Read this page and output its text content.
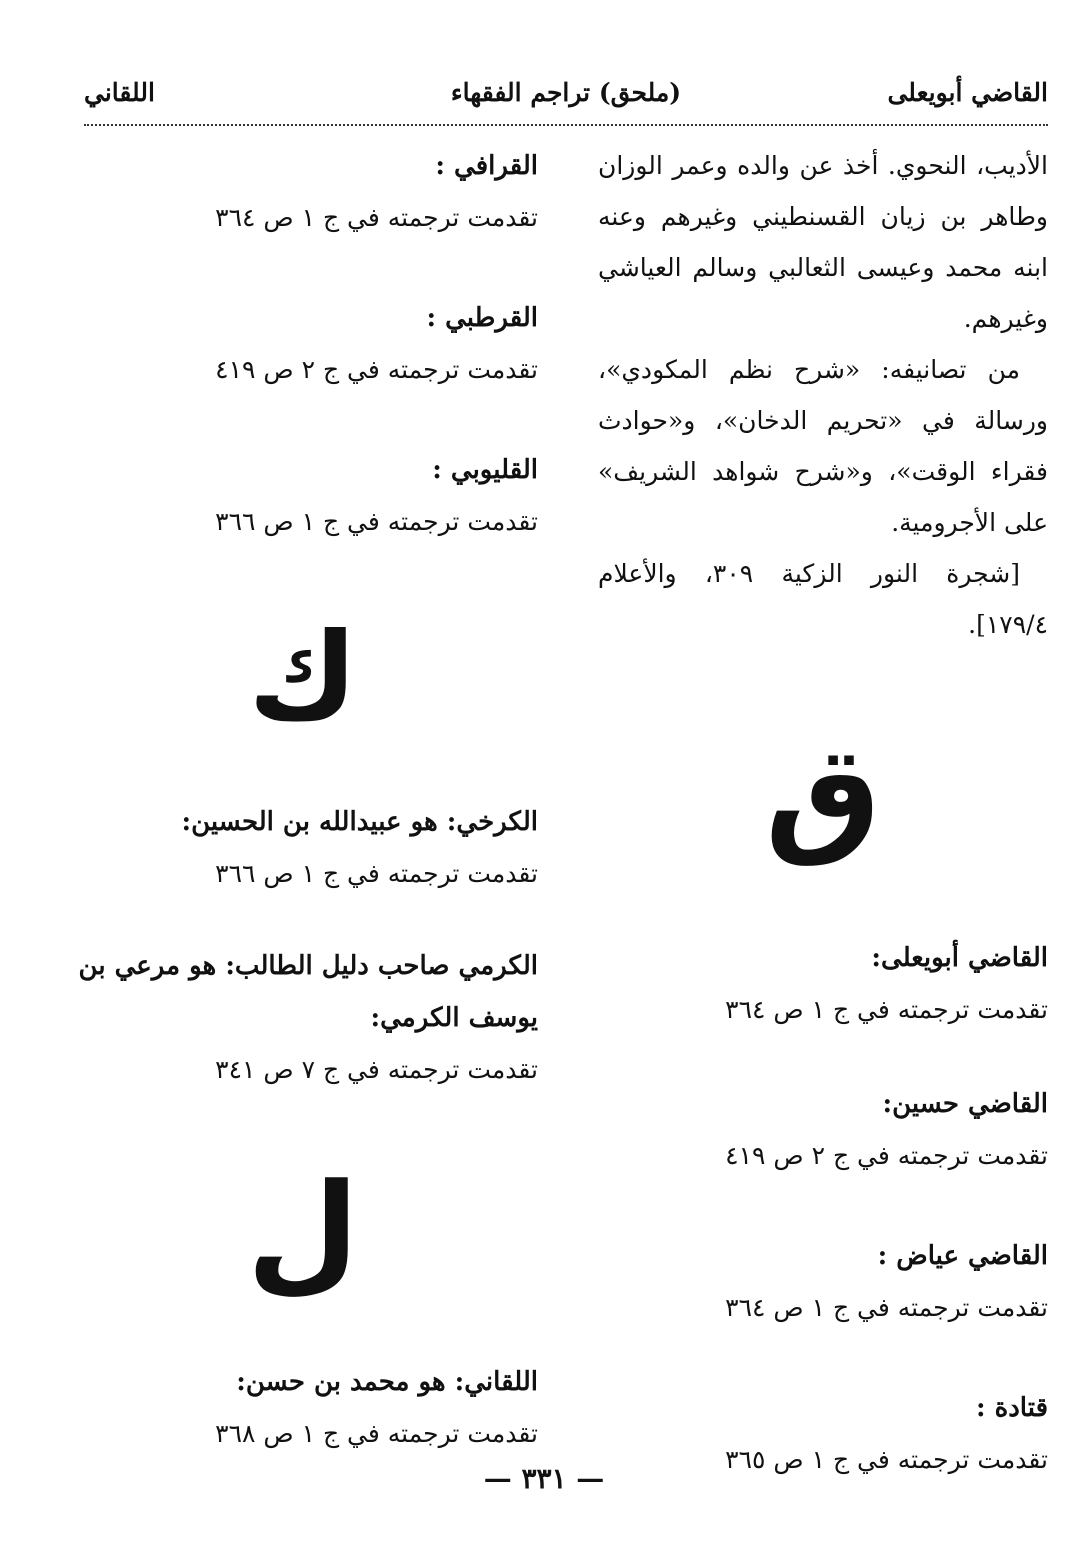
القاضي أبويعلى
(ملحق) تراجم الفقهاء
اللقاني

الأديب، النحوي. أخذ عن والده وعمر الوزان وطاهر بن زيان القسنطيني وغيرهم وعنه ابنه محمد وعيسى الثعالبي وسالم العياشي وغيرهم.

من تصانيفه: «شرح نظم المكودي»، ورسالة في «تحريم الدخان»، و«حوادث فقراء الوقت»، و«شرح شواهد الشريف» على الأجرومية.

[شجرة النور الزكية ٣٠٩، والأعلام ١٧٩/٤].

ق

القاضي أبويعلى:

تقدمت ترجمته في ج ١ ص ٣٦٤

القاضي حسين:

تقدمت ترجمته في ج ٢ ص ٤١٩

القاضي عياض :

تقدمت ترجمته في ج ١ ص ٣٦٤

قتادة :

تقدمت ترجمته في ج ١ ص ٣٦٥

القرافي :

تقدمت ترجمته في ج ١ ص ٣٦٤

القرطبي :

تقدمت ترجمته في ج ٢ ص ٤١٩

القليوبي :

تقدمت ترجمته في ج ١ ص ٣٦٦

ك

الكرخي: هو عبيدالله بن الحسين:

تقدمت ترجمته في ج ١ ص ٣٦٦

الكرمي صاحب دليل الطالب: هو مرعي بن يوسف الكرمي:

تقدمت ترجمته في ج ٧ ص ٣٤١

ل

اللقاني: هو محمد بن حسن:

تقدمت ترجمته في ج ١ ص ٣٦٨

— ٣٣١ —
